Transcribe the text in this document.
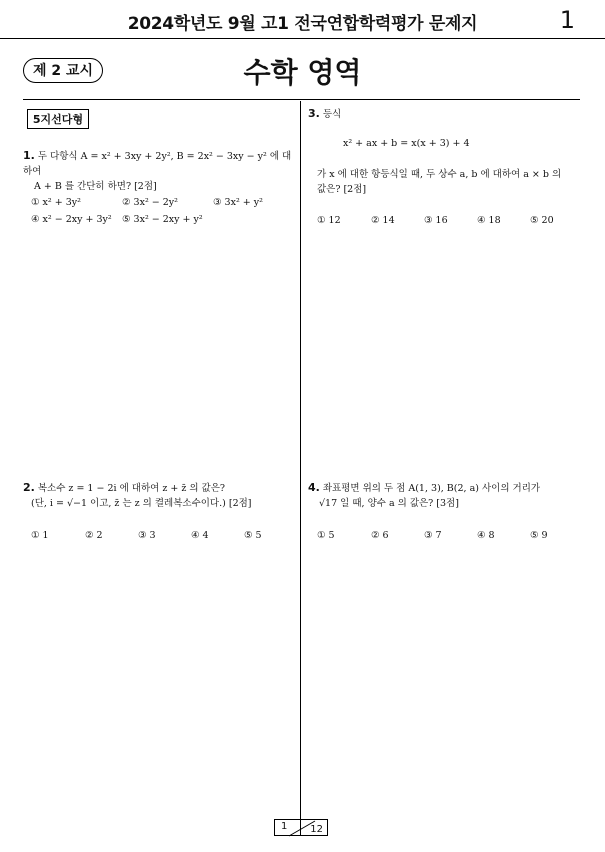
2024학년도 9월 고1 전국연합학력평가 문제지	1
제 2 교시	수학 영역
5지선다형
1. 두 다항식 A = x² + 3xy + 2y², B = 2x² − 3xy − y² 에 대하여
A + B 를 간단히 하면? [2점]
① x² + 3y²	② 3x² − 2y²	③ 3x² + y²
④ x² − 2xy + 3y² ⑤ 3x² − 2xy + y²
2. 복소수 z = 1 − 2i 에 대하여 z + z̄ 의 값은?
(단, i = √−1 이고, z̄ 는 z 의 켤레복소수이다.) [2점]
① 1	② 2	③ 3	④ 4	⑤ 5
3. 등식
x² + ax + b = x(x + 3) + 4
가 x 에 대한 항등식일 때, 두 상수 a, b 에 대하여 a × b 의
값은? [2점]
① 12	② 14	③ 16	④ 18	⑤ 20
4. 좌표평면 위의 두 점 A(1, 3), B(2, a) 사이의 거리가
√17 일 때, 양수 a 의 값은? [3점]
① 5	② 6	③ 7	④ 8	⑤ 9
1 12
